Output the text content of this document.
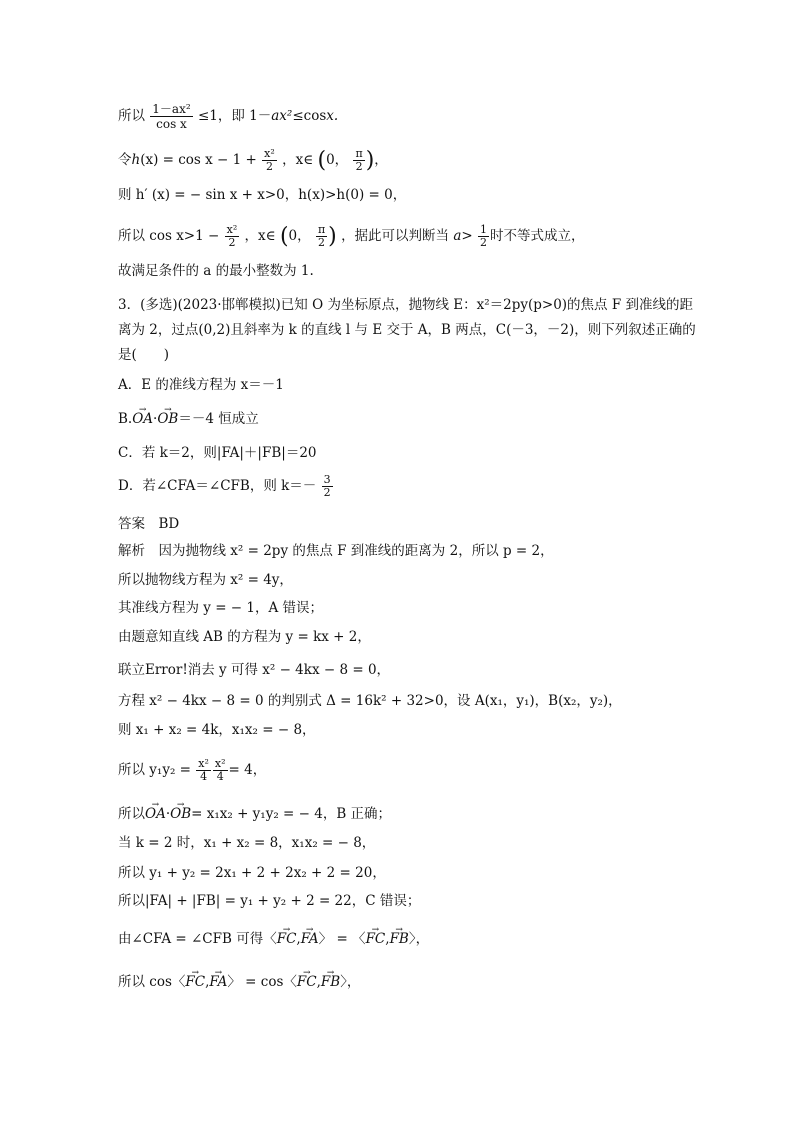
所以 $\frac{\text{1－ax²}}{\text{cos x}} \le 1$，即 1－ax²≤cosx.
令$h(x) = \cos x - 1 + \frac{\text{x²}}{2}$ ，x∈ (0， $\frac{\pi}{2}$ )，
则 h′ (x) = − sin x + x>0，h(x)>h(0) = 0，
所以 $\cos x>1 - \frac{\text{x²}}{2}$ ，x∈ (0， $\frac{\pi}{2}$ ) ，据此可以判断当 $a> \frac{1}{2}$ 时不等式成立，
故满足条件的 a 的最小整数为 1.
3．(多选)(2023·邯郸模拟)已知 O 为坐标原点，抛物线 E：x²＝2py(p>0)的焦点 F 到准线的距离为 2，过点(0,2)且斜率为 k 的直线 l 与 E 交于 A，B 两点，C(－3，－2)，则下列叙述正确的是(　　)
A．E 的准线方程为 x＝－1
B.→ OA·→ OB＝－4 恒成立
C．若 k＝2，则|FA|＋|FB|＝20
D．若∠CFA＝∠CFB，则 $k=- \frac{3}{2}$
答案　BD
解析　因为抛物线 x² = 2py 的焦点 F 到准线的距离为 2，所以 p = 2，
所以抛物线方程为 x² = 4y，
其准线方程为 y = − 1，A 错误；
由题意知直线 AB 的方程为 y = kx + 2，
联立Error!消去 y 可得 x² − 4kx − 8 = 0，
方程 x² − 4kx − 8 = 0 的判别式 Δ = 16k² + 32>0，设 A(x₁，y₁)，B(x₂，y₂)，
则 x₁ + x₂ = 4k，x₁x₂ = − 8，
所以 $y_1y_2 = \frac{\text{x²}}{4} \frac{\text{x²}}{4} = 4$，
所以→ OA·→ OB= x₁x₂ + y₁y₂ = − 4，B 正确；
当 k = 2 时，x₁ + x₂ = 8，x₁x₂ = − 8，
所以 y₁ + y₂ = 2x₁ + 2 + 2x₂ + 2 = 20，
所以|FA| + |FB| = y₁ + y₂ + 2 = 22，C 错误；
由∠CFA = ∠CFB 可得〈→ FC,→ FA〉 = 〈→ FC,→ FB〉，
所以 cos〈→ FC,→ FA〉 = cos〈→ FC,→ FB〉，
